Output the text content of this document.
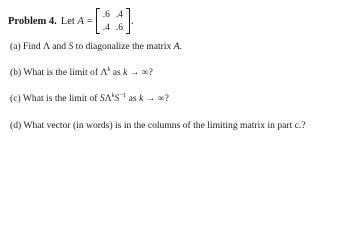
Problem 4. Let
A =
.6 .4
.4 .6
.
(a) Find Λ and S to diagonalize the matrix A.
(b) What is the limit of $\Lambda^k$ as k → ∞?
(c) What is the limit of $S\Lambda^kS^{-1}$ as k → ∞?
(d) What vector (in words) is in the columns of the limiting matrix in part c.?
